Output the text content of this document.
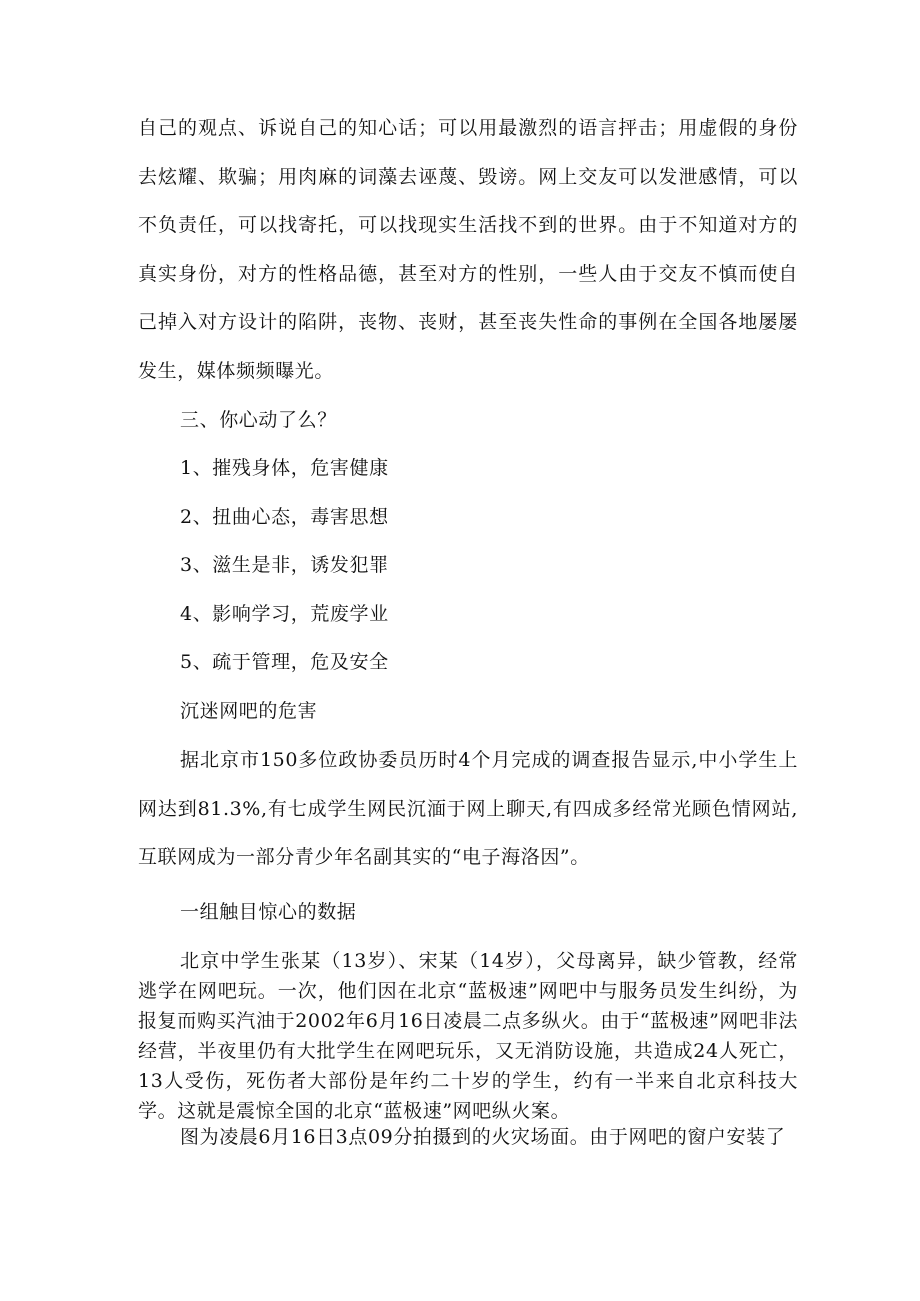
自己的观点、诉说自己的知心话；可以用最激烈的语言抨击；用虚假的身份去炫耀、欺骗；用肉麻的词藻去诬蔑、毁谤。网上交友可以发泄感情，可以不负责任，可以找寄托，可以找现实生活找不到的世界。由于不知道对方的真实身份，对方的性格品德，甚至对方的性别，一些人由于交友不慎而使自己掉入对方设计的陷阱，丧物、丧财，甚至丧失性命的事例在全国各地屡屡发生，媒体频频曝光。

三、你心动了么？

1、摧残身体，危害健康

2、扭曲心态，毒害思想

3、滋生是非，诱发犯罪

4、影响学习，荒废学业

5、疏于管理，危及安全

沉迷网吧的危害

据北京市150多位政协委员历时4个月完成的调查报告显示,中小学生上网达到81.3%,有七成学生网民沉湎于网上聊天,有四成多经常光顾色情网站,互联网成为一部分青少年名副其实的“电子海洛因”。

一组触目惊心的数据

北京中学生张某（13岁）、宋某（14岁），父母离异，缺少管教，经常逃学在网吧玩。一次，他们因在北京“蓝极速”网吧中与服务员发生纠纷，为报复而购买汽油于2002年6月16日凌晨二点多纵火。由于“蓝极速”网吧非法经营，半夜里仍有大批学生在网吧玩乐，又无消防设施，共造成24人死亡，13人受伤，死伤者大部份是年约二十岁的学生，约有一半来自北京科技大学。这就是震惊全国的北京“蓝极速”网吧纵火案。

图为凌晨6月16日3点09分拍摄到的火灾场面。由于网吧的窗户安装了
